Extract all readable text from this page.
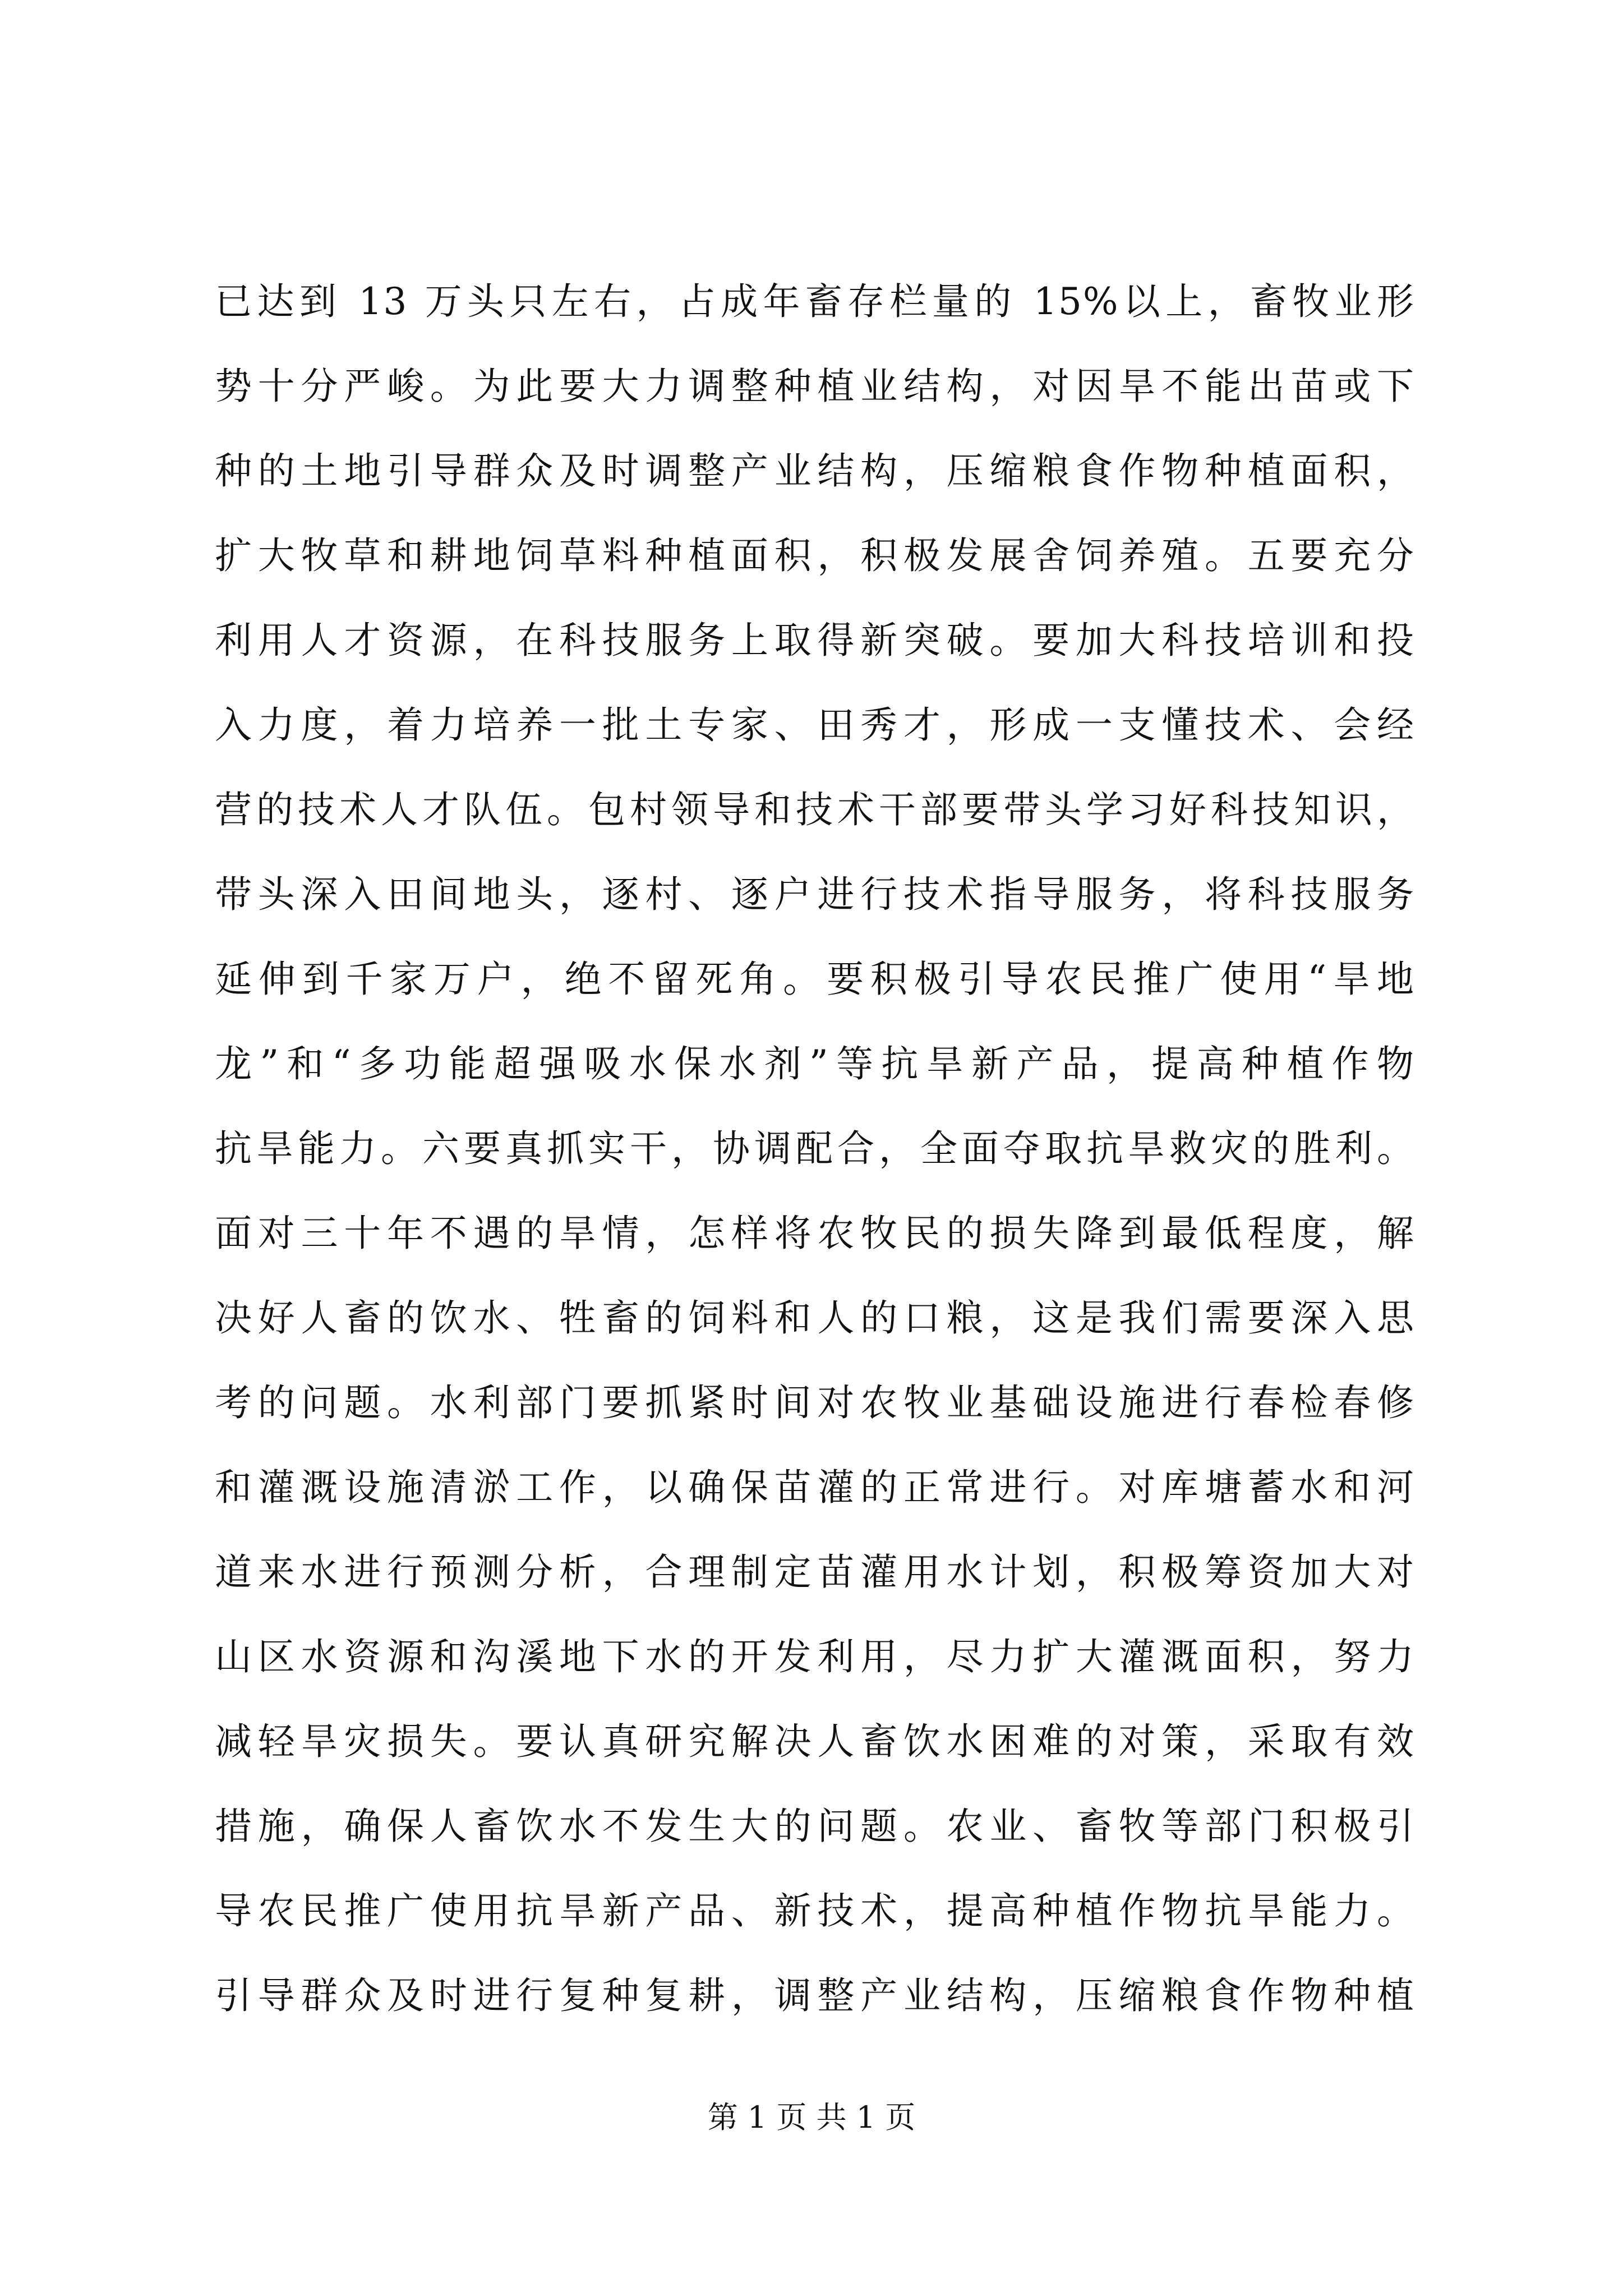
已达到 13 万头只左右，占成年畜存栏量的 15%以上，畜牧业形
势十分严峻。为此要大力调整种植业结构，对因旱不能出苗或下
种的土地引导群众及时调整产业结构，压缩粮食作物种植面积，
扩大牧草和耕地饲草料种植面积，积极发展舍饲养殖。五要充分
利用人才资源，在科技服务上取得新突破。要加大科技培训和投
入力度，着力培养一批土专家、田秀才，形成一支懂技术、会经
营的技术人才队伍。包村领导和技术干部要带头学习好科技知识，
带头深入田间地头，逐村、逐户进行技术指导服务，将科技服务
延伸到千家万户，绝不留死角。要积极引导农民推广使用“旱地
龙”和“多功能超强吸水保水剂”等抗旱新产品，提高种植作物
抗旱能力。六要真抓实干，协调配合，全面夺取抗旱救灾的胜利。
面对三十年不遇的旱情，怎样将农牧民的损失降到最低程度，解
决好人畜的饮水、牲畜的饲料和人的口粮，这是我们需要深入思
考的问题。水利部门要抓紧时间对农牧业基础设施进行春检春修
和灌溉设施清淤工作，以确保苗灌的正常进行。对库塘蓄水和河
道来水进行预测分析，合理制定苗灌用水计划，积极筹资加大对
山区水资源和沟溪地下水的开发利用，尽力扩大灌溉面积，努力
减轻旱灾损失。要认真研究解决人畜饮水困难的对策，采取有效
措施，确保人畜饮水不发生大的问题。农业、畜牧等部门积极引
导农民推广使用抗旱新产品、新技术，提高种植作物抗旱能力。
引导群众及时进行复种复耕，调整产业结构，压缩粮食作物种植
第 1 页 共 1 页
